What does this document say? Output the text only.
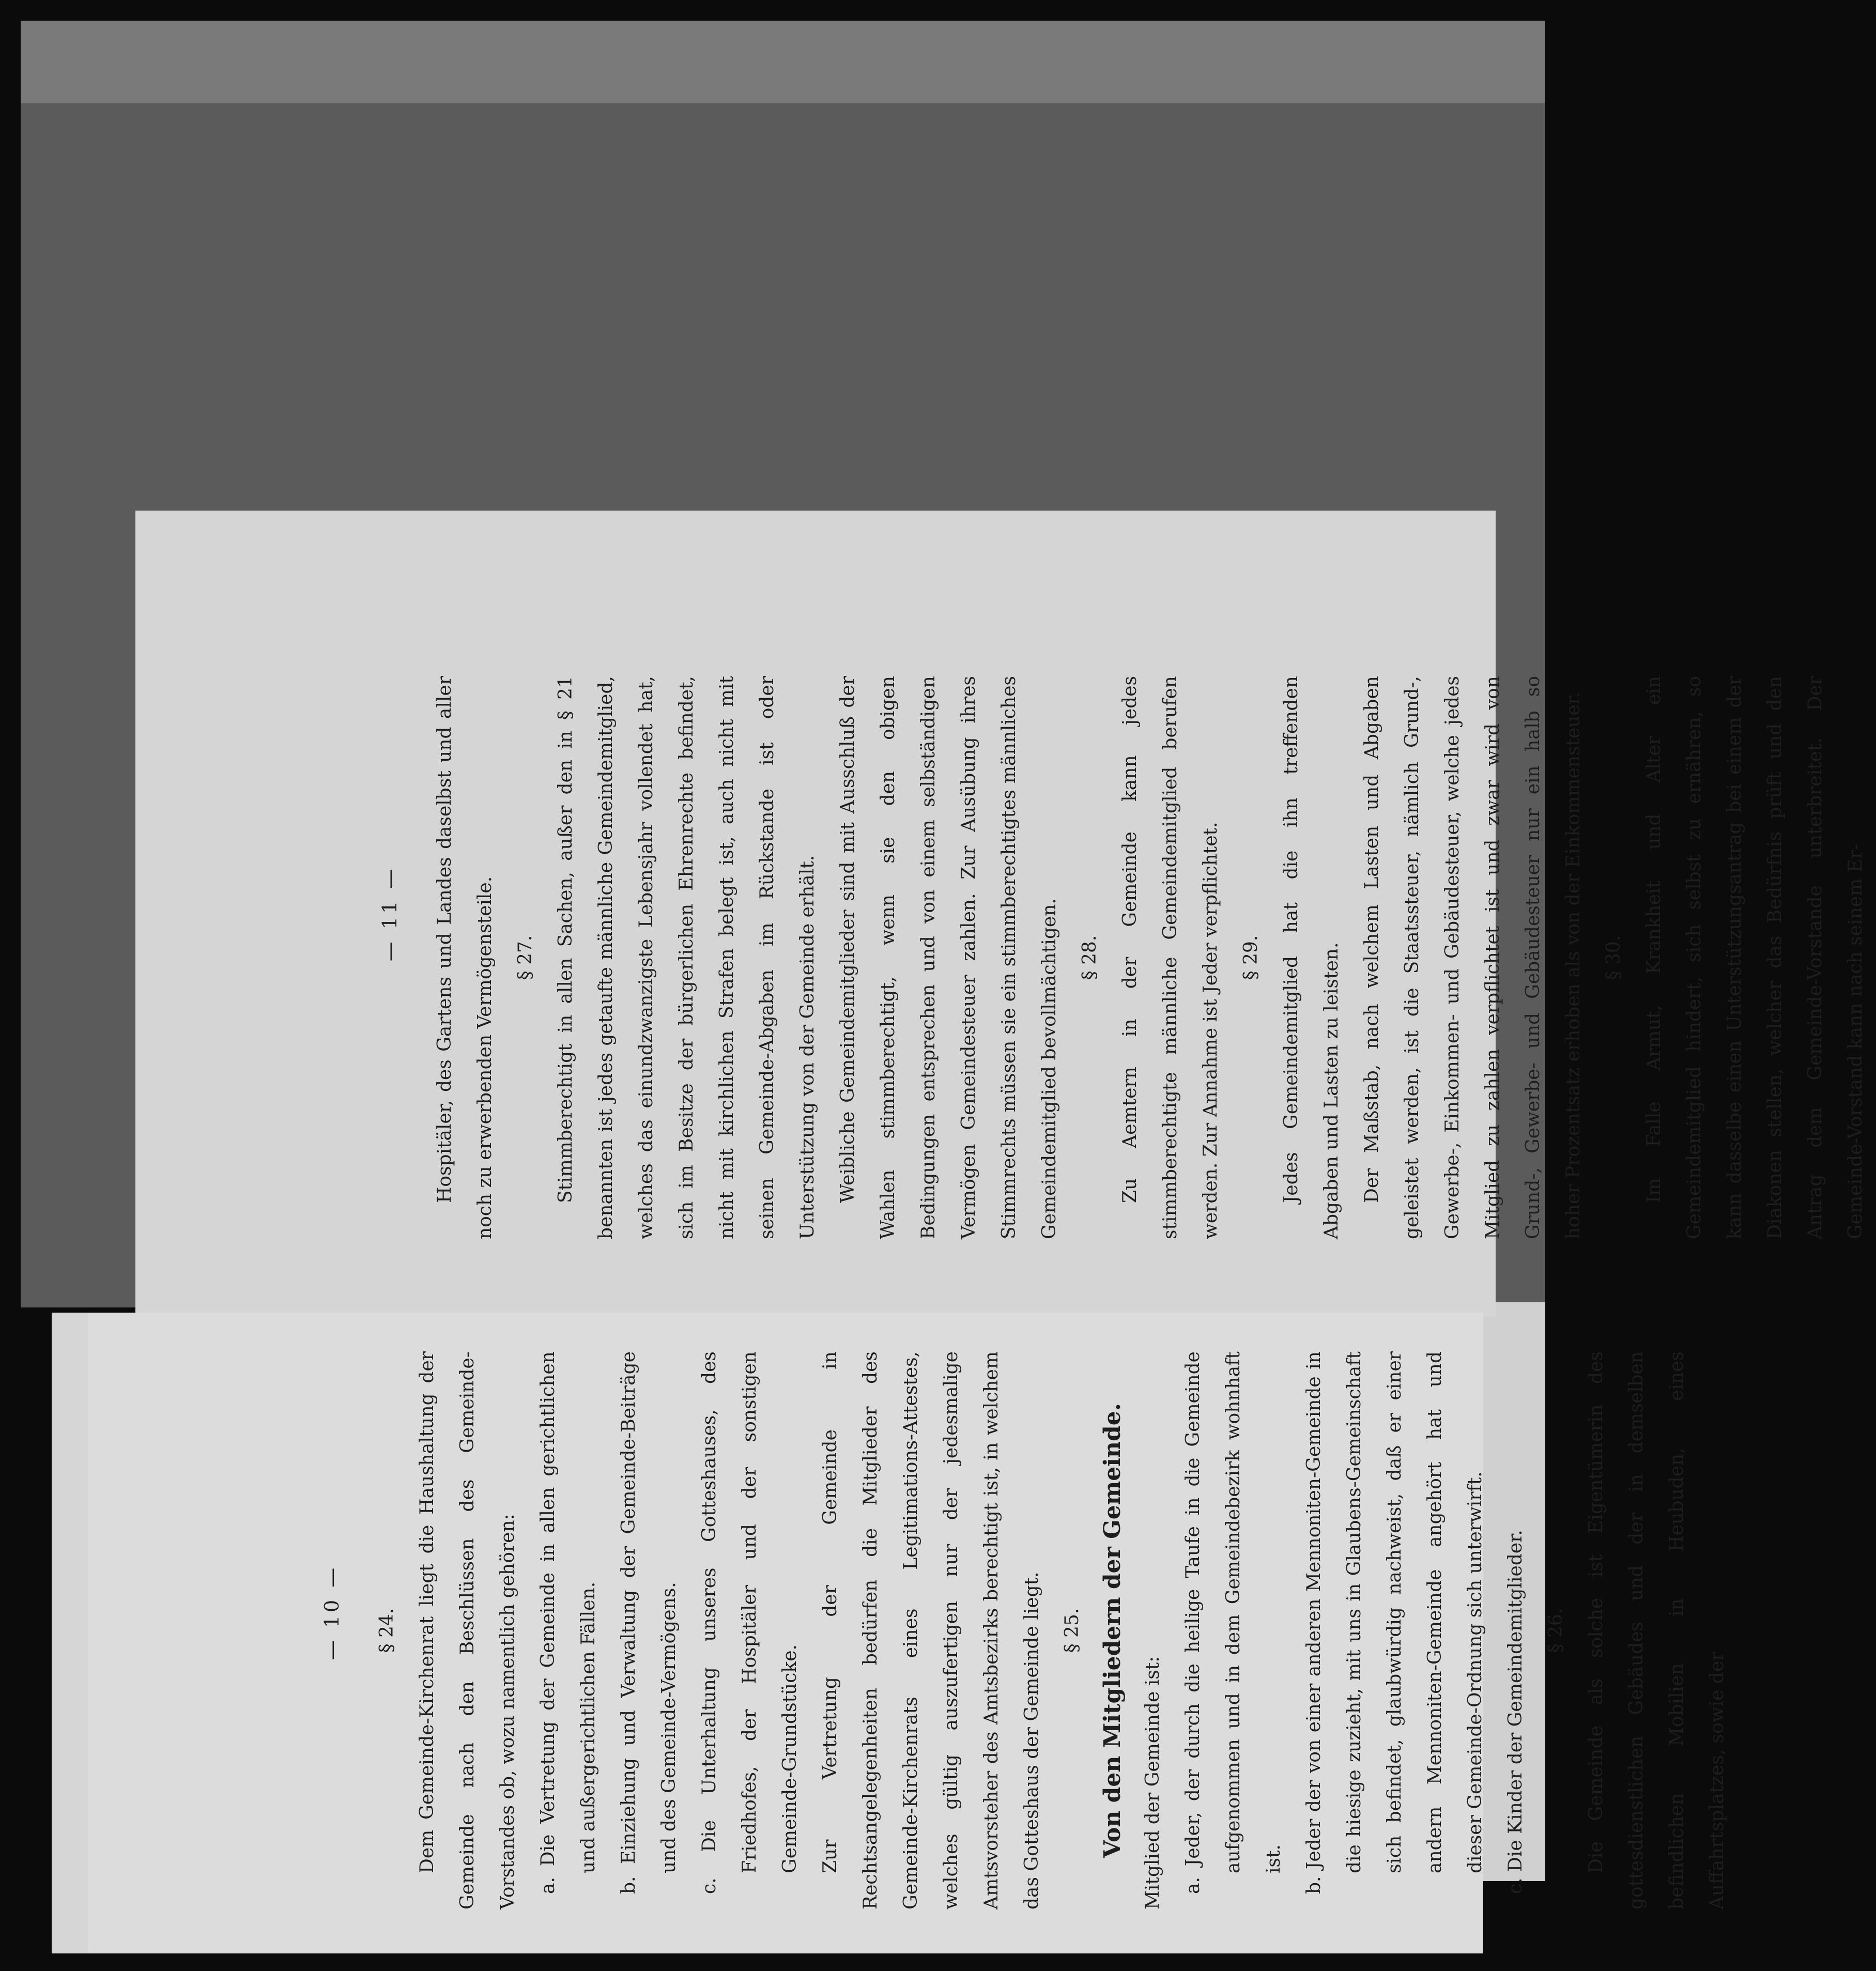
— 11 —	Hospitäler, des Gartens und Landes daselbst und aller noch zu erwerbenden Vermögensteile.	§ 27.	Stimmberechtigt in allen Sachen, außer den in § 21 benannten ist jedes getaufte männliche Gemeindemitglied, welches das einundzwanzigste Lebensjahr vollendet hat, sich im Besitze der bürgerlichen Ehrenrechte befindet, nicht mit kirchlichen Strafen belegt ist, auch nicht mit seinen Gemeinde-Abgaben im Rückstande ist oder Unterstützung von der Gemeinde erhält.	Weibliche Gemeindemitglieder sind mit Ausschluß der Wahlen stimmberechtigt, wenn sie den obigen Bedingungen entsprechen und von einem selbständigen Vermögen Gemeindesteuer zahlen. Zur Ausübung ihres Stimmrechts müssen sie ein stimmberechtigtes männliches Gemeindemitglied bevollmächtigen.	§ 28.	Zu Aemtern in der Gemeinde kann jedes stimmberechtigte männliche Gemeindemitglied berufen werden. Zur Annahme ist Jeder verpflichtet.	§ 29.	Jedes Gemeindemitglied hat die ihn treffenden Abgaben und Lasten zu leisten.	Der Maßstab, nach welchem Lasten und Abgaben geleistet werden, ist die Staatssteuer, nämlich Grund-, Gewerbe-, Einkommen- und Gebäudesteuer, welche jedes Mitglied zu zahlen verpflichtet ist und zwar wird von Grund-, Gewerbe- und Gebäudesteuer nur ein halb so hoher Prozentsatz erhoben als von der Einkommensteuer.	§ 30.	Im Falle Armut, Krankheit und Alter ein Gemeindemitglied hindert, sich selbst zu ernähren, so kann dasselbe einen Unterstützungsantrag bei einem der Diakonen stellen, welcher das Bedürfnis prüft und den Antrag dem Gemeinde-Vorstande unterbreitet. Der Gemeinde-Vorstand kann nach seinem Er-

— 10 —	§ 24.	Dem Gemeinde-Kirchenrat liegt die Haushaltung der Gemeinde nach den Beschlüssen des Gemeinde-Vorstandes ob, wozu namentlich gehören:	a. Die Vertretung der Gemeinde in allen gerichtlichen und außergerichtlichen Fällen.	b. Einziehung und Verwaltung der Gemeinde-Beiträge und des Gemeinde-Vermögens.	c. Die Unterhaltung unseres Gotteshauses, des Friedhofes, der Hospitäler und der sonstigen Gemeinde-Grundstücke.	Zur Vertretung der Gemeinde in Rechtsangelegenheiten bedürfen die Mitglieder des Gemeinde-Kirchenrats eines Legitimations-Attestes, welches gültig auszufertigen nur der jedesmalige Amtsvorsteher des Amtsbezirks berechtigt ist, in welchem das Gotteshaus der Gemeinde liegt.	§ 25. Von den Mitgliedern der Gemeinde. Mitglied der Gemeinde ist:	a. Jeder, der durch die heilige Taufe in die Gemeinde aufgenommen und in dem Gemeindebezirk wohnhaft ist.	b. Jeder der von einer anderen Mennoniten-Gemeinde in die hiesige zuzieht, mit uns in Glaubens-Gemeinschaft sich befindet, glaubwürdig nachweist, daß er einer andern Mennoniten-Gemeinde angehört hat und dieser Gemeinde-Ordnung sich unterwirft.	c. Die Kinder der Gemeindemitglieder.	§ 26.	Die Gemeinde als solche ist Eigentümerin des gottesdienstlichen Gebäudes und der in demselben befindlichen Mobilien in Heubuden, eines Auffahrtsplatzes, sowie der
